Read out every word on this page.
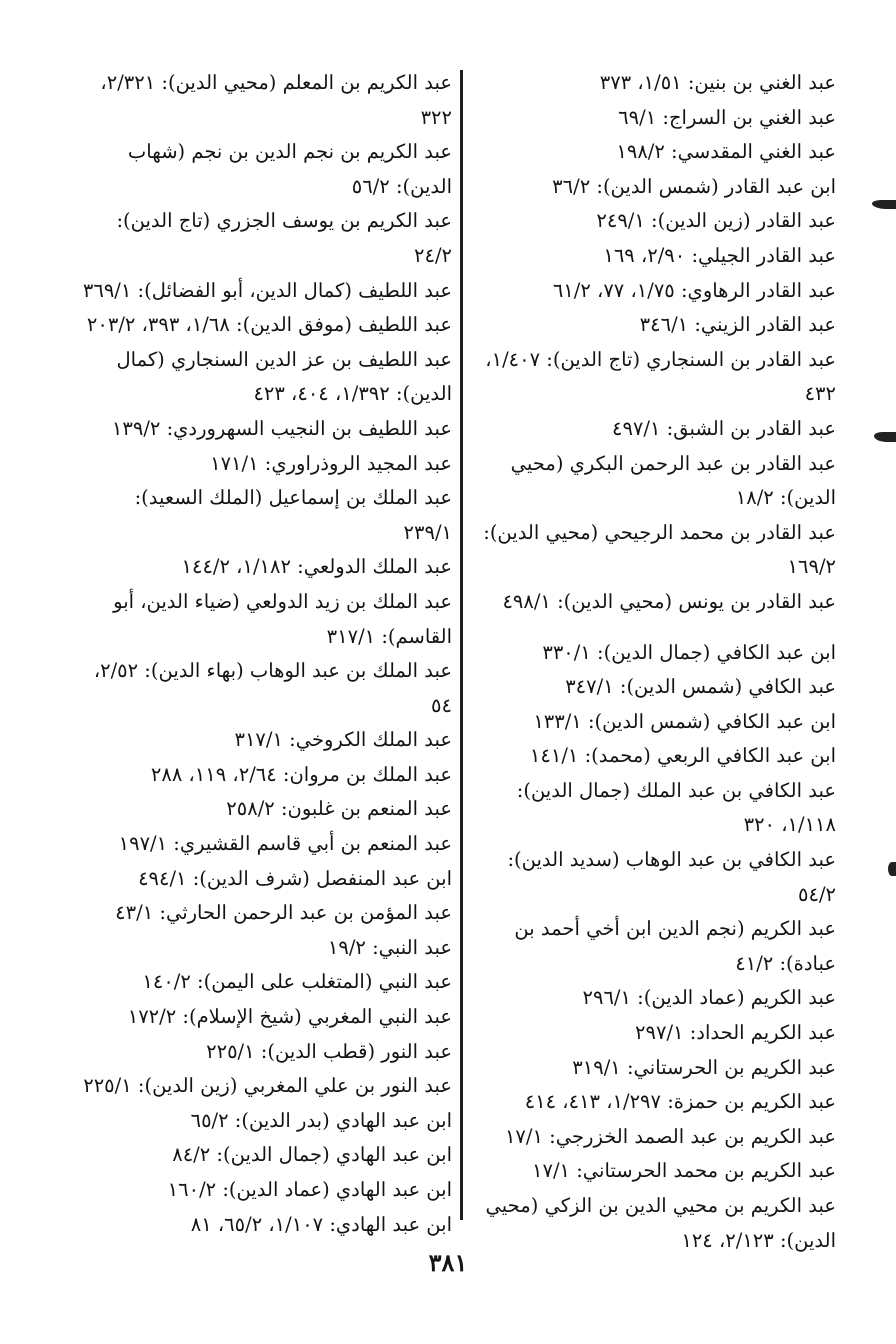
عبد الغني بن بنين: ١/٥١، ٣٧٣
عبد الغني بن السراج: ٦٩/١
عبد الغني المقدسي: ١٩٨/٢
ابن عبد القادر (شمس الدين): ٣٦/٢
عبد القادر (زين الدين): ٢٤٩/١
عبد القادر الجيلي: ٢/٩٠، ١٦٩
عبد القادر الرهاوي: ١/٧٥، ٧٧، ٦١/٢
عبد القادر الزيني: ٣٤٦/١
عبد القادر بن السنجاري (تاج الدين): ١/٤٠٧، ٤٣٢
عبد القادر بن الشبق: ٤٩٧/١
عبد القادر بن عبد الرحمن البكري (محيي الدين): ١٨/٢
عبد القادر بن محمد الرجيحي (محيي الدين): ١٦٩/٢
عبد القادر بن يونس (محيي الدين): ٤٩٨/١
ابن عبد الكافي (جمال الدين): ٣٣٠/١
عبد الكافي (شمس الدين): ٣٤٧/١
ابن عبد الكافي (شمس الدين): ١٣٣/١
ابن عبد الكافي الربعي (محمد): ١٤١/١
عبد الكافي بن عبد الملك (جمال الدين): ١/١١٨، ٣٢٠
عبد الكافي بن عبد الوهاب (سديد الدين): ٥٤/٢
عبد الكريم (نجم الدين ابن أخي أحمد بن عبادة): ٤١/٢
عبد الكريم (عماد الدين): ٢٩٦/١
عبد الكريم الحداد: ٢٩٧/١
عبد الكريم بن الحرستاني: ٣١٩/١
عبد الكريم بن حمزة: ١/٢٩٧، ٤١٣، ٤١٤
عبد الكريم بن عبد الصمد الخزرجي: ١٧/١
عبد الكريم بن محمد الحرستاني: ١٧/١
عبد الكريم بن محيي الدين بن الزكي (محيي الدين): ٢/١٢٣، ١٢٤
عبد الكريم بن المعلم (محيي الدين): ٢/٣٢١، ٣٢٢
عبد الكريم بن نجم الدين بن نجم (شهاب الدين): ٥٦/٢
عبد الكريم بن يوسف الجزري (تاج الدين): ٢٤/٢
عبد اللطيف (كمال الدين، أبو الفضائل): ٣٦٩/١
عبد اللطيف (موفق الدين): ١/٦٨، ٣٩٣، ٢٠٣/٢
عبد اللطيف بن عز الدين السنجاري (كمال الدين): ١/٣٩٢، ٤٠٤، ٤٢٣
عبد اللطيف بن النجيب السهروردي: ١٣٩/٢
عبد المجيد الروذراوري: ١٧١/١
عبد الملك بن إسماعيل (الملك السعيد): ٢٣٩/١
عبد الملك الدولعي: ١/١٨٢، ١٤٤/٢
عبد الملك بن زيد الدولعي (ضياء الدين، أبو القاسم): ٣١٧/١
عبد الملك بن عبد الوهاب (بهاء الدين): ٢/٥٢، ٥٤
عبد الملك الكروخي: ٣١٧/١
عبد الملك بن مروان: ٢/٦٤، ١١٩، ٢٨٨
عبد المنعم بن غلبون: ٢٥٨/٢
عبد المنعم بن أبي قاسم القشيري: ١٩٧/١
ابن عبد المنفصل (شرف الدين): ٤٩٤/١
عبد المؤمن بن عبد الرحمن الحارثي: ٤٣/١
عبد النبي: ١٩/٢
عبد النبي (المتغلب على اليمن): ١٤٠/٢
عبد النبي المغربي (شيخ الإسلام): ١٧٢/٢
عبد النور (قطب الدين): ٢٢٥/١
عبد النور بن علي المغربي (زين الدين): ٢٢٥/١
ابن عبد الهادي (بدر الدين): ٦٥/٢
ابن عبد الهادي (جمال الدين): ٨٤/٢
ابن عبد الهادي (عماد الدين): ١٦٠/٢
ابن عبد الهادي: ١/١٠٧، ٦٥/٢، ٨١
٣٨١
